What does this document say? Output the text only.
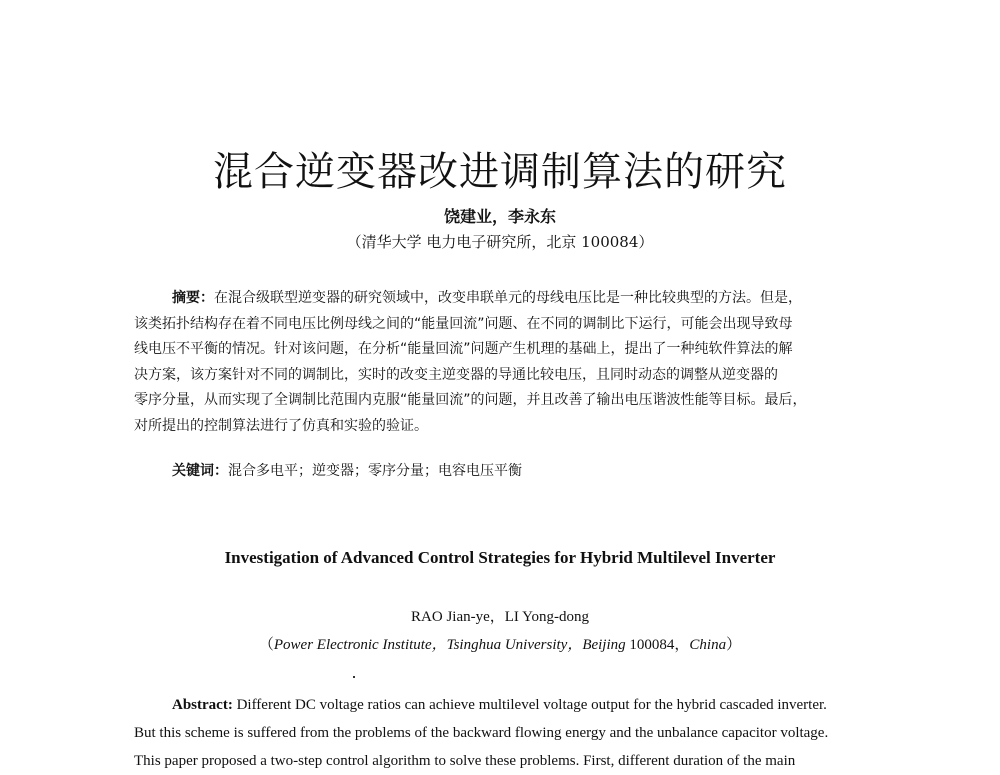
混合逆变器改进调制算法的研究

饶建业，李永东

（清华大学 电力电子研究所，北京 100084）

摘要：在混合级联型逆变器的研究领域中，改变串联单元的母线电压比是一种比较典型的方法。但是，
该类拓扑结构存在着不同电压比例母线之间的“能量回流”问题、在不同的调制比下运行，可能会出现导致母
线电压不平衡的情况。针对该问题，在分析“能量回流”问题产生机理的基础上，提出了一种纯软件算法的解
决方案，该方案针对不同的调制比，实时的改变主逆变器的导通比较电压，且同时动态的调整从逆变器的
零序分量，从而实现了全调制比范围内克服“能量回流”的问题，并且改善了输出电压谐波性能等目标。最后，
对所提出的控制算法进行了仿真和实验的验证。

关键词：混合多电平；逆变器；零序分量；电容电压平衡

Investigation of Advanced Control Strategies for Hybrid Multilevel Inverter

RAO Jian-ye，LI Yong-dong

（Power Electronic Institute，Tsinghua University，Beijing 100084，China）

Abstract: Different DC voltage ratios can achieve multilevel voltage output for the hybrid cascaded inverter.
But this scheme is suffered from the problems of the backward flowing energy and the unbalance capacitor voltage.
This paper proposed a two-step control algorithm to solve these problems. First, different duration of the main
